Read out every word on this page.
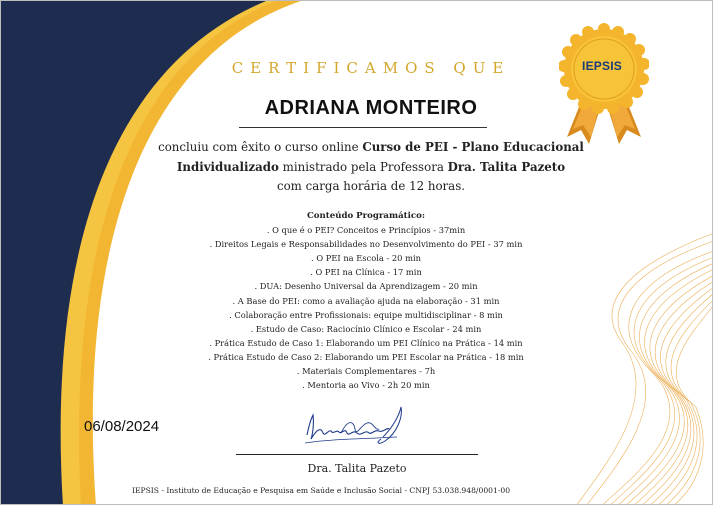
CERTIFICAMOS QUE
ADRIANA MONTEIRO
concluiu com êxito o curso online Curso de PEI - Plano Educacional Individualizado ministrado pela Professora Dra. Talita Pazeto
com carga horária de 12 horas.
Conteúdo Programático:
. O que é o PEI? Conceitos e Princípios - 37min
. Direitos Legais e Responsabilidades no Desenvolvimento do PEI - 37 min
. O PEI na Escola - 20 min
. O PEI na Clínica - 17 min
. DUA: Desenho Universal da Aprendizagem - 20 min
. A Base do PEI: como a avaliação ajuda na elaboração - 31 min
. Colaboração entre Profissionais: equipe multidisciplinar - 8 min
. Estudo de Caso: Raciocínio Clínico e Escolar - 24 min
. Prática Estudo de Caso 1: Elaborando um PEI Clínico na Prática - 14 min
. Prática Estudo de Caso 2: Elaborando um PEI Escolar na Prática - 18 min
. Materiais Complementares - 7h
. Mentoria ao Vivo - 2h 20 min
06/08/2024
Dra. Talita Pazeto
IEPSIS - Instituto de Educação e Pesquisa em Saúde e Inclusão Social - CNPJ 53.038.948/0001-00
IEPSIS
